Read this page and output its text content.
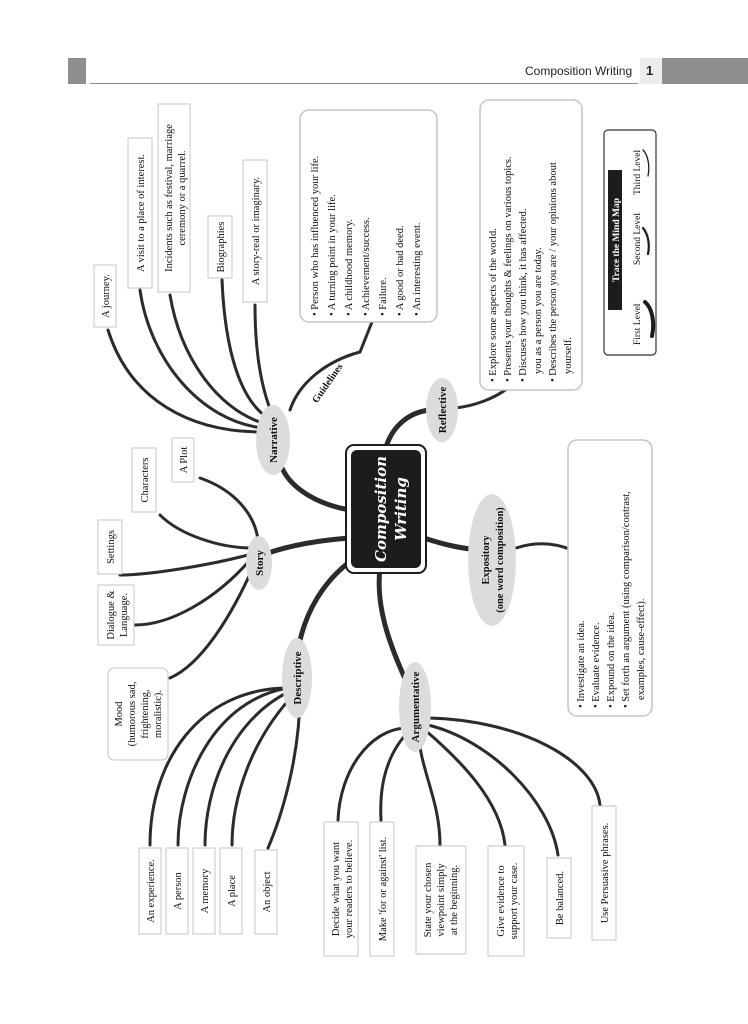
Composition Writing 1
Composition Writing
Narrative
Guidelines
Reflective
Story
Descriptive	Argumentative
Expository (one word composition)
A journey.
A visit to a place of interest. Incidents such as festival, marriage ceremony or a quarrel.
Biographies A story-real or imaginary.	• Person who has influenced your life. • A turning point in your life. • A childhood memory. • Achievement/success. • Failure. • A good or bad deed. • An interesting event.	• Explore some aspects of the world. • Presents your thoughts & feelings on various topics. • Discuses how you think, it has affected. you as a person you are today. • Describes the person you are / your opinions about yourself.
Trace the Mind Map
First Level
Second Level
Third Level
A Plot
Characters
Settings
Dialogue & Language.
Mood (humorous sad, frightening, moralistic).
An experience. A person A memory A place An object	Decide what you want your readers to believe. Make 'for or against' list.	State your chosen viewpoint simply at the beginning.	Give evidence to support your case.	Be balanced.	Use Persuasive phrases.
• Investigate an idea. • Evaluate evidence. • Expound on the idea. • Set forth an argument (using comparison/contrast, examples, cause-effect).
